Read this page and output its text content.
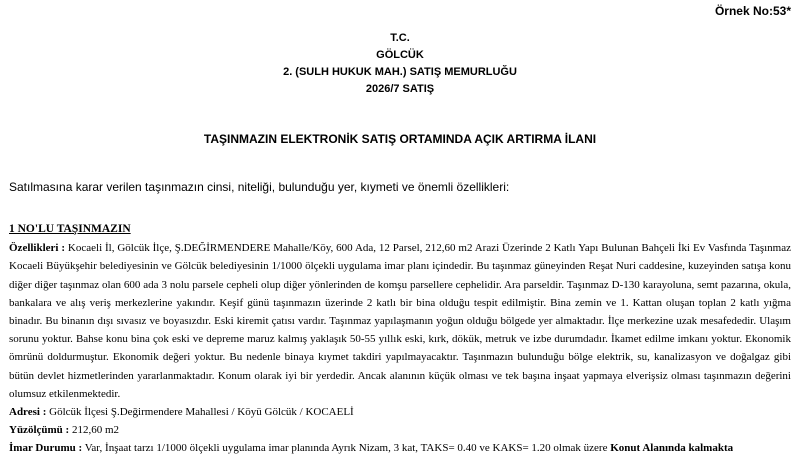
Örnek No:53*
T.C.
GÖLCÜK
2. (SULH HUKUK MAH.) SATIŞ MEMURLUĞU
2026/7 SATIŞ
TAŞINMAZIN ELEKTRONİK SATIŞ ORTAMINDA AÇIK ARTIRMA İLANI
Satılmasına karar verilen taşınmazın cinsi, niteliği, bulunduğu yer, kıymeti ve önemli özellikleri:
1 NO'LU TAŞINMAZIN
Özellikleri : Kocaeli İl, Gölcük İlçe, Ş.DEĞİRMENDERE Mahalle/Köy, 600 Ada, 12 Parsel, 212,60 m2 Arazi Üzerinde 2 Katlı Yapı Bulunan Bahçeli İki Ev Vasfında Taşınmaz Kocaeli Büyükşehir belediyesinin ve Gölcük belediyesinin 1/1000 ölçekli uygulama imar planı içindedir. Bu taşınmaz güneyinden Reşat Nuri caddesine, kuzeyinden satışa konu diğer diğer taşınmaz olan 600 ada 3 nolu parsele cepheli olup diğer yönlerinden de komşu parsellere cephelidir. Ara parseldir. Taşınmaz D-130 karayoluna, semt pazarına, okula, bankalara ve alış veriş merkezlerine yakındır. Keşif günü taşınmazın üzerinde 2 katlı bir bina olduğu tespit edilmiştir. Bina zemin ve 1. Kattan oluşan toplan 2 katlı yığma binadır. Bu binanın dışı sıvasız ve boyasızdır. Eski kiremit çatısı vardır. Taşınmaz yapılaşmanın yoğun olduğu bölgede yer almaktadır. İlçe merkezine uzak mesafededir. Ulaşım sorunu yoktur. Bahse konu bina çok eski ve depreme maruz kalmış yaklaşık 50-55 yıllık eski, kırk, dökük, metruk ve izbe durumdadır. İkamet edilme imkanı yoktur. Ekonomik ömrünü doldurmuştur. Ekonomik değeri yoktur. Bu nedenle binaya kıymet takdiri yapılmayacaktır. Taşınmazın bulunduğu bölge elektrik, su, kanalizasyon ve doğalgaz gibi bütün devlet hizmetlerinden yararlanmaktadır. Konum olarak iyi bir yerdedir. Ancak alanının küçük olması ve tek başına inşaat yapmaya elverişsiz olması taşınmazın değerini olumsuz etkilenmektedir.
Adresi : Gölcük İlçesi Ş.Değirmendere Mahallesi / Köyü Gölcük / KOCAELİ
Yüzölçümü : 212,60 m2
İmar Durumu : Var, İnşaat tarzı 1/1000 ölçekli uygulama imar planında Ayrık Nizam, 3 kat, TAKS= 0.40 ve KAKS= 1.20 olmak üzere Konut Alanında kalmakta
